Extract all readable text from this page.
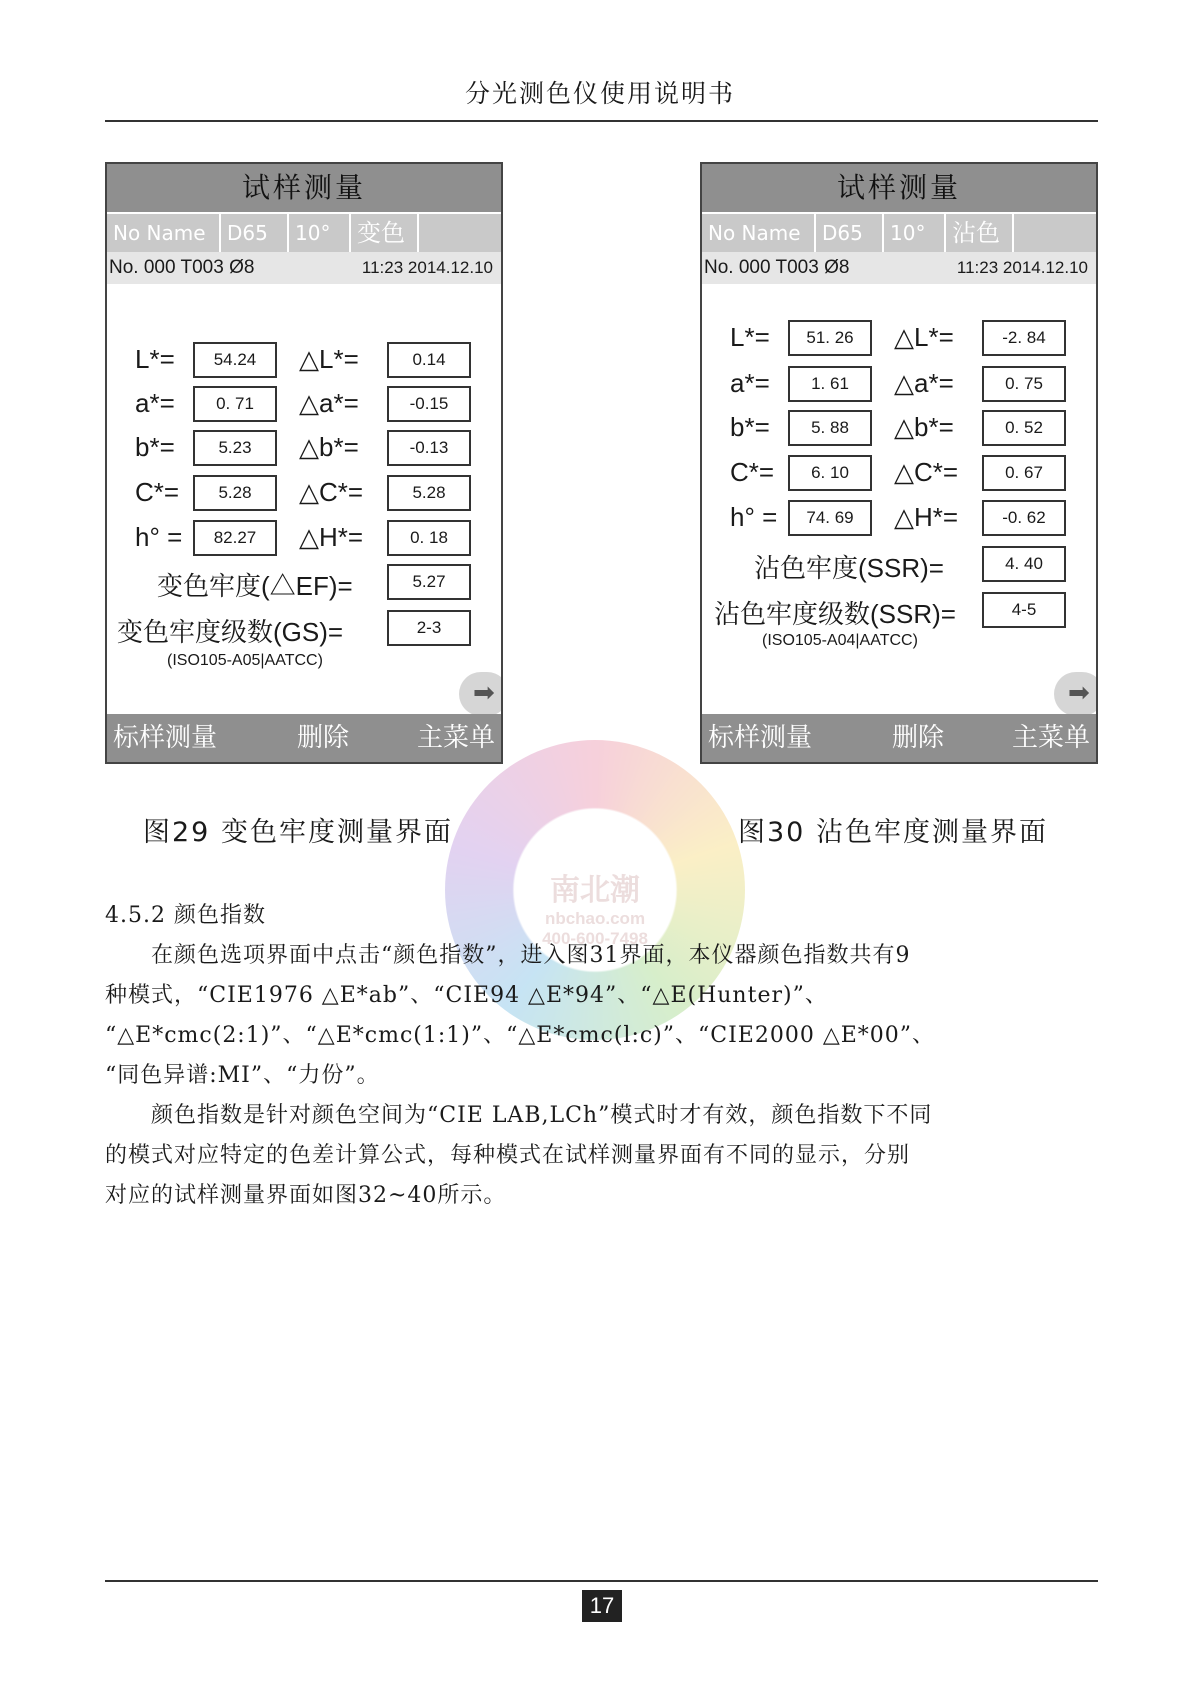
分光测色仪使用说明书
南北潮
nbchao.com
400-600-7498
试样测量
No Name	D65	10°	变色
No. 000 T003 Ø8	11:23 2014.12.10
L*=	54.24	△L*=	0.14
a*=	0. 71	△a*=	-0.15
b*=	5.23	△b*=	-0.13
C*=	5.28	△C*=	5.28
h° =	82.27	△H*=	0. 18
变色牢度(△EF)=	5.27
变色牢度级数(GS)=	2-3
(ISO105-A05|AATCC)
➡
标样测量	删除	主菜单
试样测量
No Name	D65	10°	沾色
No. 000 T003 Ø8	11:23 2014.12.10
L*=	51. 26	△L*=	-2. 84
a*=	1. 61	△a*=	0. 75
b*=	5. 88	△b*=	0. 52
C*=	6. 10	△C*=	0. 67
h° =	74. 69	△H*=	-0. 62
沾色牢度(SSR)=	4. 40
沾色牢度级数(SSR)=	4-5
(ISO105-A04|AATCC)
➡
标样测量	删除	主菜单
图29 变色牢度测量界面	图30 沾色牢度测量界面
4.5.2 颜色指数
　　在颜色选项界面中点击“颜色指数”，进入图31界面，本仪器颜色指数共有9
种模式，“CIE1976 △E*ab”、“CIE94 △E*94”、“△E(Hunter)”、
“△E*cmc(2:1)”、“△E*cmc(1:1)”、“△E*cmc(l:c)”、“CIE2000 △E*00”、
“同色异谱:MI”、“力份”。
　　颜色指数是针对颜色空间为“CIE LAB,LCh”模式时才有效，颜色指数下不同
的模式对应特定的色差计算公式，每种模式在试样测量界面有不同的显示，分别
对应的试样测量界面如图32~40所示。
17
